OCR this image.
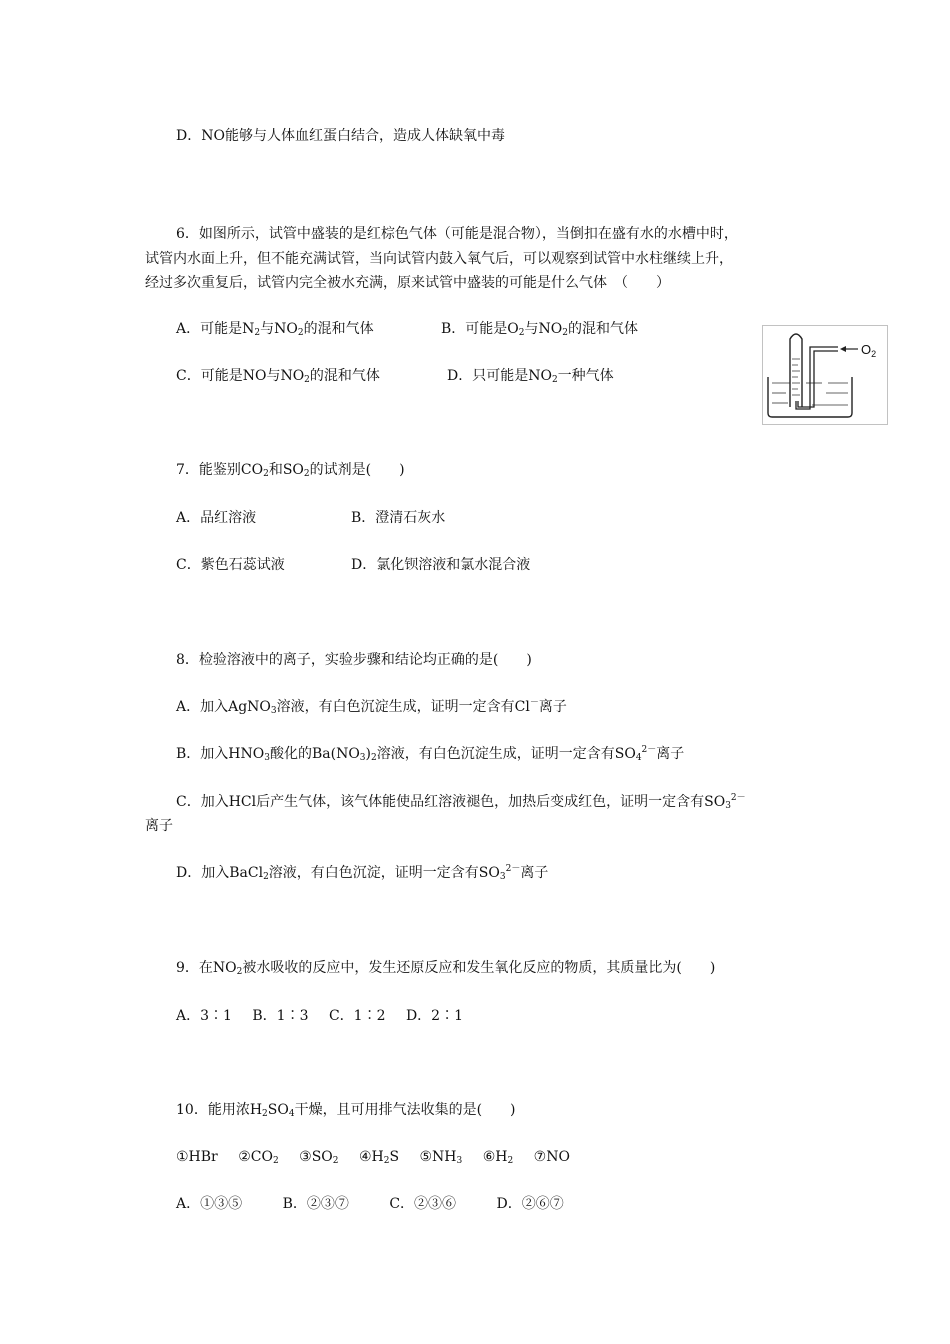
D．NO能够与人体血红蛋白结合，造成人体缺氧中毒
6．如图所示，试管中盛装的是红棕色气体（可能是混合物），当倒扣在盛有水的水槽中时，
试管内水面上升，但不能充满试管，当向试管内鼓入氧气后，可以观察到试管中水柱继续上升，
经过多次重复后，试管内完全被水充满，原来试管中盛装的可能是什么气体　（　　）
A．可能是$N_2$与$NO_2$的混和气体	B．可能是$O_2$与$NO_2$的混和气体
C．可能是NO与$NO_2$的混和气体	D．只可能是$NO_2$一种气体
$O_2$
7．能鉴别$CO_2$和$SO_2$的试剂是(　　)
A．品红溶液	B．澄清石灰水
C．紫色石蕊试液	D．氯化钡溶液和氯水混合液
8．检验溶液中的离子，实验步骤和结论均正确的是(　　)
A．加入AgNO$_3$溶液，有白色沉淀生成，证明一定含有Cl－离子
B．加入$HNO_3$酸化的$Ba(NO_3)_2$溶液，有白色沉淀生成，证明一定含有$SO_4^{2-}$离子
C．加入HCl后产生气体，该气体能使品红溶液褪色，加热后变成红色，证明一定含有$SO_3^{2-}$
离子
D．加入BaCl$_2$溶液，有白色沉淀，证明一定含有$SO_3^{2-}$离子
9．在$NO_2$被水吸收的反应中，发生还原反应和发生氧化反应的物质，其质量比为(　　)
A．3∶1 B．1∶3 C．1∶2 D．2∶1
10．能用浓$H_2SO_4$干燥，且可用排气法收集的是(　　)
①HBr $②CO_2$ $③SO_2$ $④H_2S$ $⑤NH_3$ $⑥H_2$ ⑦NO
A．①③⑤	B．②③⑦	C．②③⑥	D．②⑥⑦
